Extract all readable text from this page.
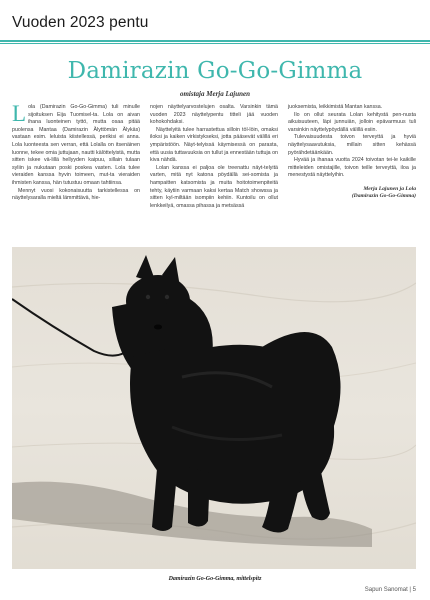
Vuoden 2023 pentu
Damirazin Go-Go-Gimma
omistaja Merja Lajunen

Lola (Damirazin Go-Go-Gimma) tuli minulle sijoituksen Eija Tuomisel-ta. Lola on aivan ihana luonteinen tyttö, mutta osaa pitää puolensa Mantaa (Damirazin Älyttömän Älykäs) vastaan esim. leluista kiistellessä, perikisi ei anna. Lola luonteesta sen verran, että Lolalla on itsenäinen luonne, tekee omia juttujaan, nautti kälöttelyistä, mutta sitten iskee vä-lillä hellyyden kaipuu, sillain tulaan syliin ja nukutaan poski poskea vasten. Lola tulee vieraiden kanssa hyvin toimeen, mut-ta vieraiden ihmisten kanssa, hän tutustuu omaan tahtiinsa.

Mennyt vuosi kokonaisuutta tarkistellessa on näyttelysaralla mieltä lämmittävä, hie-

nojen näyttelyarvostelujen osalta. Varsinkin tämä vuoden 2023 näyttelypentu titteli jää vuoden kohokohdaksi.

Näyttelyitä tulee harrastettua silloin töl-löin, omaksi iloksi ja kaiken virkistykseksi, jotta pääsevät välillä eri ympäristöön. Näyt-telyissä käymisessä on parasta, että uusia tuttavuuksia on tullut ja ennestään tuttuja on kiva nähdä.

Lolan kanssa ei paljoa ole treenattu näyt-telyitä varten, mitä nyt katona pöydällä sei-somista ja hampaitten katsomista ja muita hoitotoimenpiteitä tehty, käytiin varmaan kaksi kertaa Match showssa ja sitten kyl-miltään isompiin kehiin. Kuntoilu on ollut lenkkeilyä, omassa pihassa ja metsässä

juoksemista, leikkimistä Mantan kanssa.

Ilo on ollut seurata Lolan kehitystä pen-nusta aikuisuuteen, läpi junnuiän, jolloin epävarmuus tuli varsinkin näyttelypöydällä välillä esiin.

Tulevaisuudesta toivon terveyttä ja hyviä näyttelysaavutuksia, millain sitten kehässä pyörähdetäänkään.

Hyvää ja ihanaa vuotta 2024 toivotan tei-le kaikille mitteleiden omistajille, toivon teille terveyttä, iloa ja menestystä näyttelyihin.

Merja Lajunen ja Lola
(Damirazin Go-Go-Gimma)
Damirazin Go-Go-Gimma, mittelspitz
Sapun Sanomat | 5
